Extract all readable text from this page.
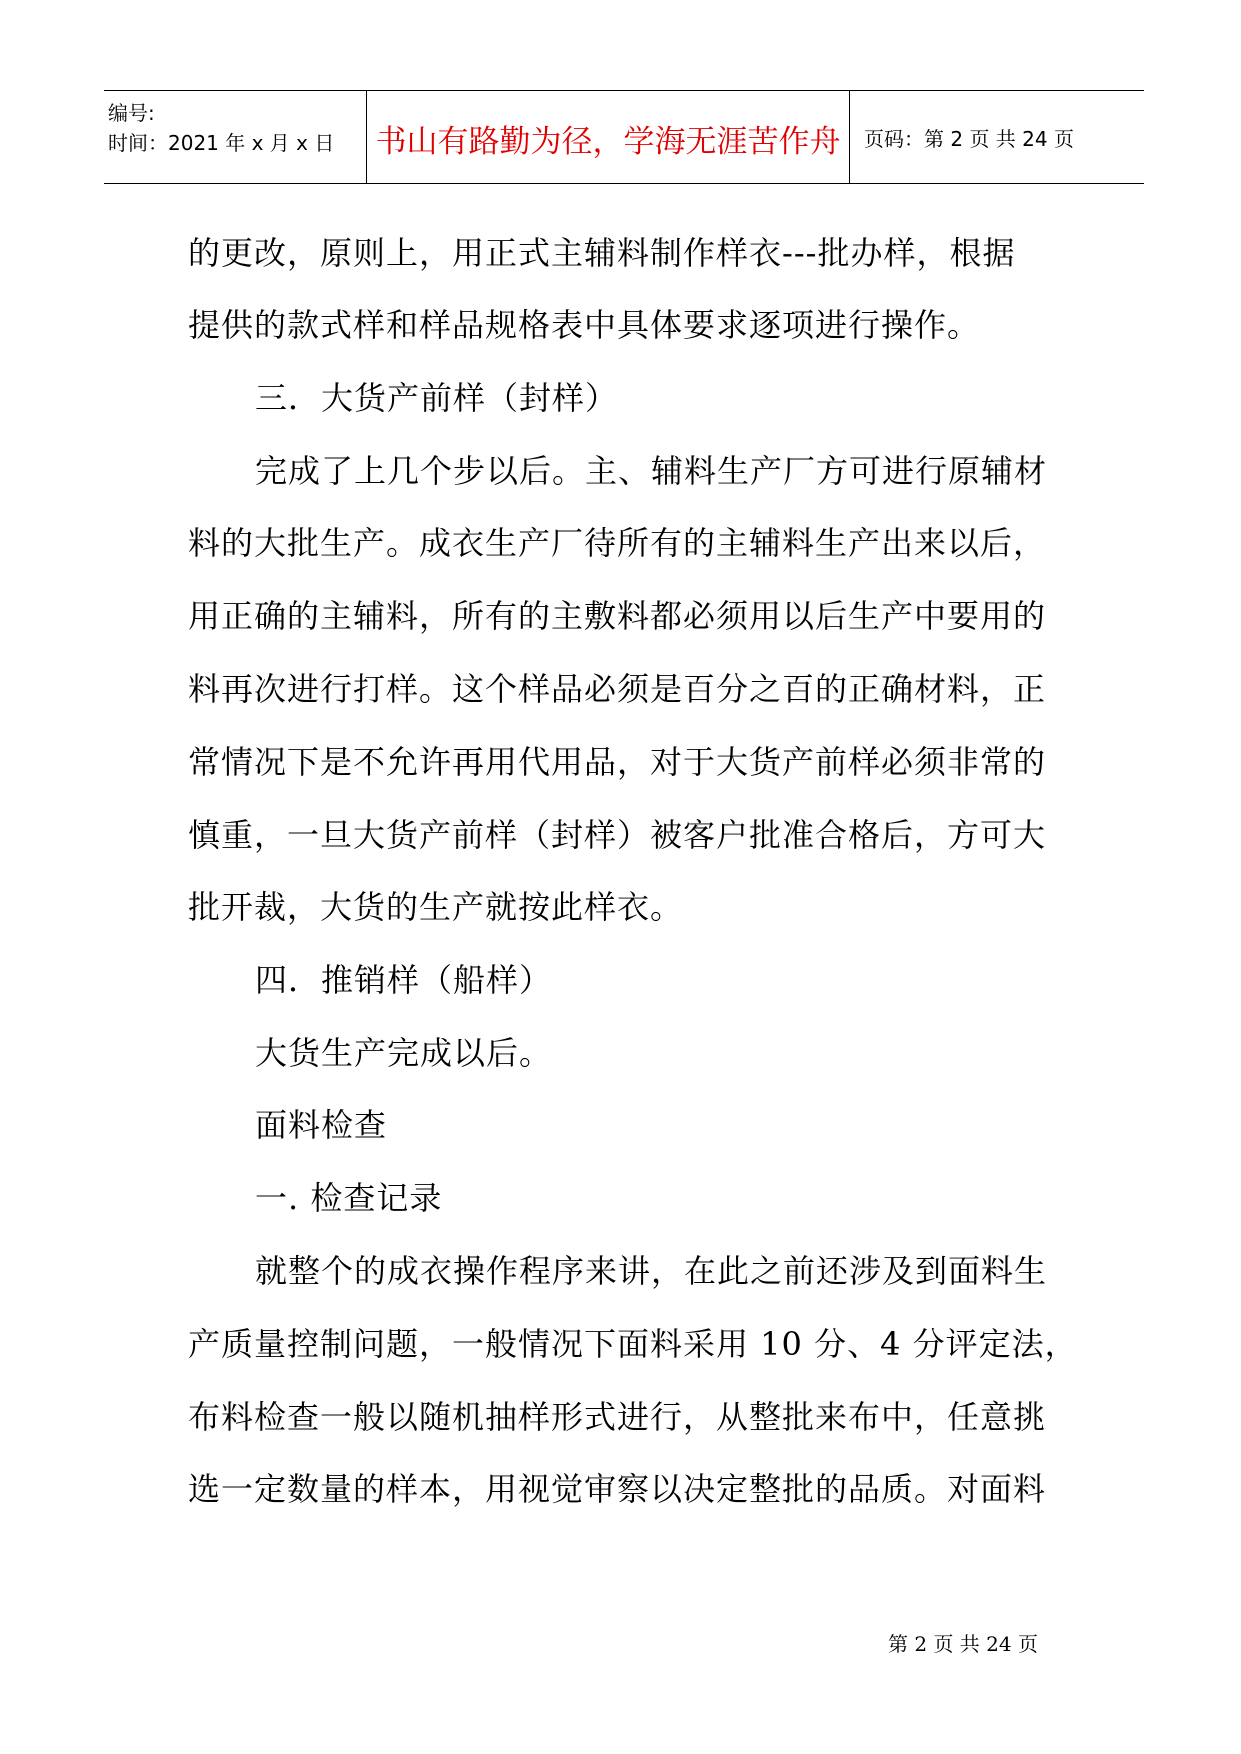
编号:
时间：2021 年 x 月 x 日 书山有路勤为径，学海无涯苦作舟	页码：第 2 页 共 24 页
的更改，原则上，用正式主辅料制作样衣---批办样，根据
提供的款式样和样品规格表中具体要求逐项进行操作。
三．大货产前样（封样）
完成了上几个步以后。主、辅料生产厂方可进行原辅材
料的大批生产。成衣生产厂待所有的主辅料生产出来以后，
用正确的主辅料，所有的主敷料都必须用以后生产中要用的
料再次进行打样。这个样品必须是百分之百的正确材料，正
常情况下是不允许再用代用品，对于大货产前样必须非常的
慎重，一旦大货产前样（封样）被客户批准合格后，方可大
批开裁，大货的生产就按此样衣。
四．推销样（船样）
大货生产完成以后。
面料检查
一. 检查记录
就整个的成衣操作程序来讲，在此之前还涉及到面料生
产质量控制问题，一般情况下面料采用 10 分、4 分评定法，
布料检查一般以随机抽样形式进行，从整批来布中，任意挑
选一定数量的样本，用视觉审察以决定整批的品质。对面料
第 2 页 共 24 页
